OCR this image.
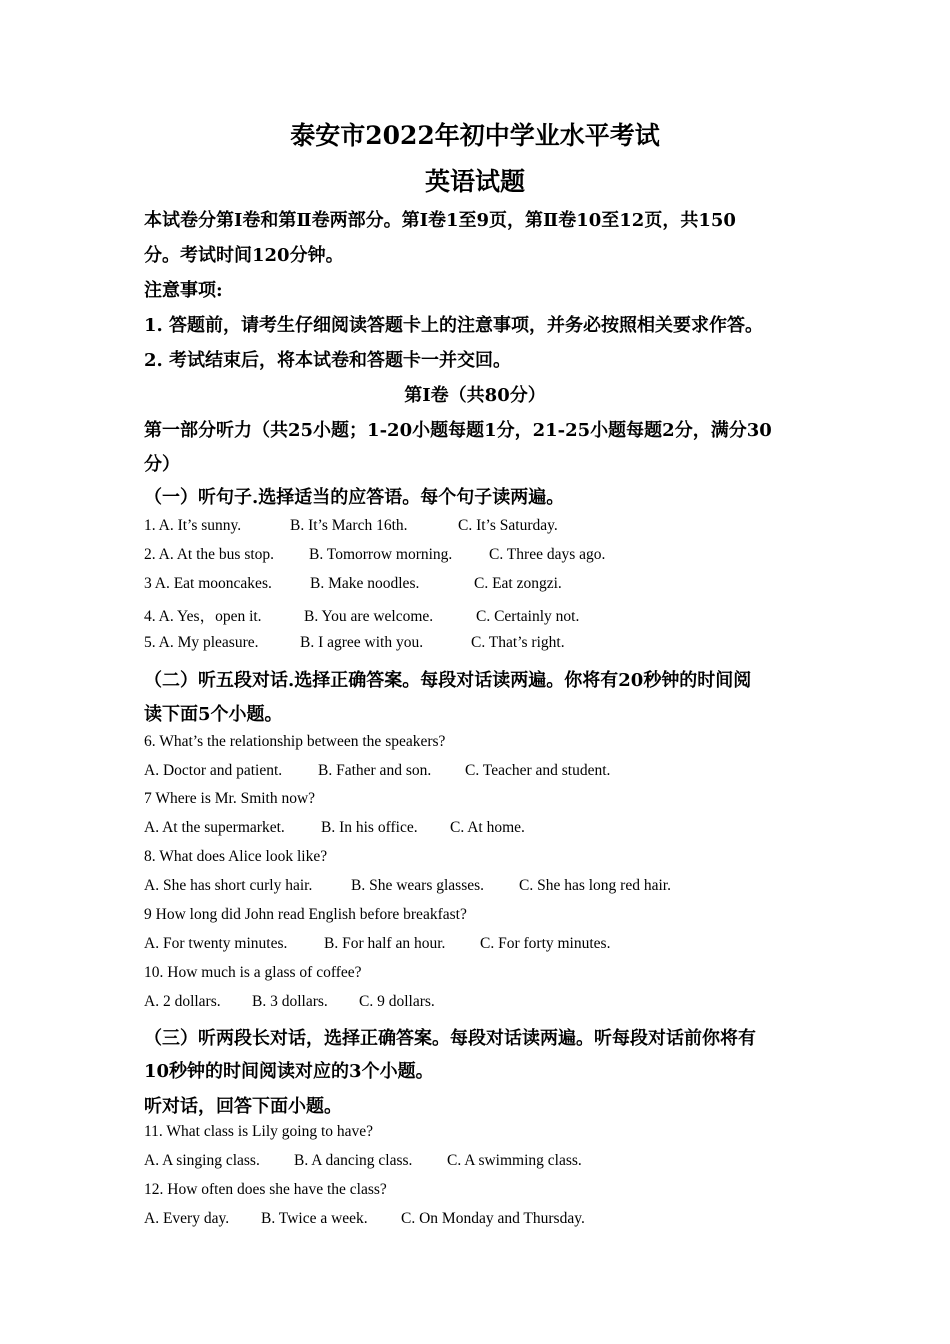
泰安市2022年初中学业水平考试
英语试题
本试卷分第I卷和第Ⅱ卷两部分。第I卷1至9页，第Ⅱ卷10至12页，共150
分。考试时间120分钟。
注意事项:
1. 答题前，请考生仔细阅读答题卡上的注意事项，并务必按照相关要求作答。
2. 考试结束后，将本试卷和答题卡一并交回。
第I卷（共80分）
第一部分听力（共25小题；1-20小题每题1分，21-25小题每题2分，满分30
分）
（一）听句子.选择适当的应答语。每个句子读两遍。
1. A. It’s sunny.	B. It’s March 16th.	C. It’s Saturday.
2. A. At the bus stop. B. Tomorrow morning. C. Three days ago.
3 A. Eat mooncakes. B. Make noodles.	C. Eat zongzi.
4. A. Yes，open it.	B. You are welcome.	C. Certainly not.
5. A. My pleasure.	B. I agree with you.	C. That’s right.
（二）听五段对话.选择正确答案。每段对话读两遍。你将有20秒钟的时间阅
读下面5个小题。
6. What’s the relationship between the speakers?
A. Doctor and patient. B. Father and son. C. Teacher and student.
7 Where is Mr. Smith now?
A. At the supermarket. B. In his office. C. At home.
8. What does Alice look like?
A. She has short curly hair. B. She wears glasses. C. She has long red hair.
9 How long did John read English before breakfast?
A. For twenty minutes. B. For half an hour. C. For forty minutes.
10. How much is a glass of coffee?
A. 2 dollars. B. 3 dollars. C. 9 dollars.
（三）听两段长对话，选择正确答案。每段对话读两遍。听每段对话前你将有
10秒钟的时间阅读对应的3个小题。
听对话，回答下面小题。
11. What class is Lily going to have?
A. A singing class. B. A dancing class. C. A swimming class.
12. How often does she have the class?
A. Every day. B. Twice a week. C. On Monday and Thursday.
